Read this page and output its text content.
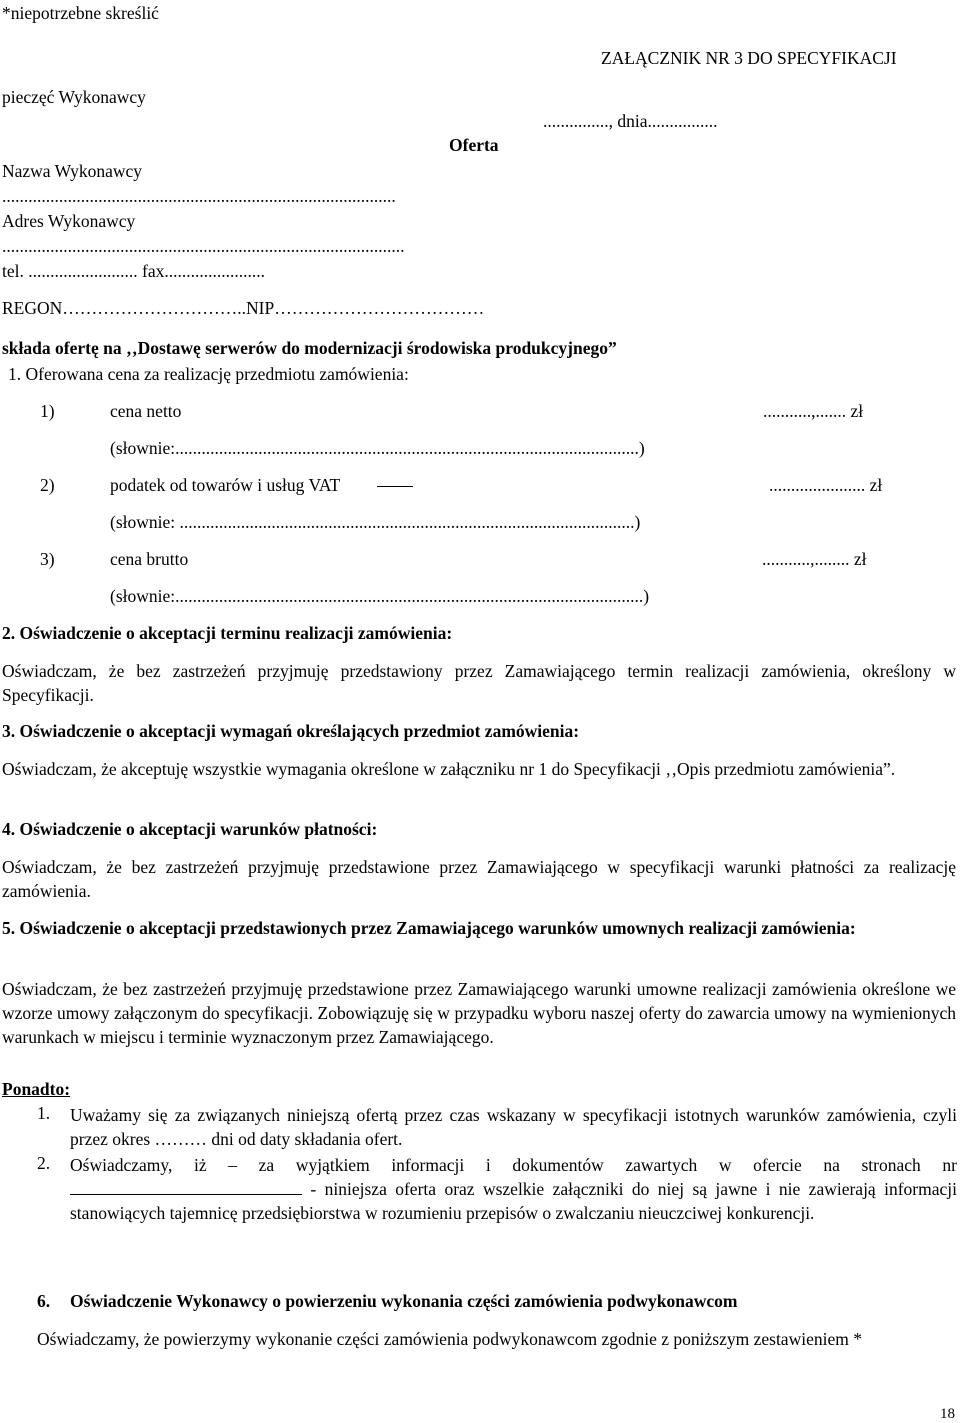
*niepotrzebne skreślić
pieczęć Wykonawcy
ZAŁĄCZNIK NR 3 DO SPECYFIKACJI
..............., dnia................
Oferta
Nazwa Wykonawcy
..........................................................................................
Adres Wykonawcy
............................................................................................
tel. ......................... fax.......................
REGON…………………………..NIP………………………………
składa ofertę na ‚‚Dostawę serwerów do modernizacji środowiska produkcyjnego”
1. Oferowana cena za realizację przedmiotu zamówienia:
1)	cena netto	...........,....... zł
(słownie:..........................................................................................................)
2)	podatek od towarów i usług VAT	...................... zł
(słownie: ........................................................................................................)
3)	cena brutto	...........,........ zł
(słownie:...........................................................................................................)
2. Oświadczenie o akceptacji terminu realizacji zamówienia:
Oświadczam, że bez zastrzeżeń przyjmuję przedstawiony przez Zamawiającego termin realizacji zamówienia, określony w Specyfikacji.
3. Oświadczenie o akceptacji wymagań określających przedmiot zamówienia:
Oświadczam, że akceptuję wszystkie wymagania określone w załączniku nr 1 do Specyfikacji ‚‚Opis przedmiotu zamówienia”.
4. Oświadczenie o akceptacji warunków płatności:
Oświadczam, że bez zastrzeżeń przyjmuję przedstawione przez Zamawiającego w specyfikacji warunki płatności za realizację zamówienia.
5. Oświadczenie o akceptacji przedstawionych przez Zamawiającego warunków umownych realizacji zamówienia:
Oświadczam, że bez zastrzeżeń przyjmuję przedstawione przez Zamawiającego warunki umowne realizacji zamówienia określone we wzorze umowy załączonym do specyfikacji. Zobowiązuję się w przypadku wyboru naszej oferty do zawarcia umowy na wymienionych warunkach w miejscu i terminie wyznaczonym przez Zamawiającego.
Ponadto:
1. Uważamy się za związanych niniejszą ofertą przez czas wskazany w specyfikacji istotnych warunków zamówienia, czyli przez okres ……… dni od daty składania ofert.
2. Oświadczamy, iż – za wyjątkiem informacji i dokumentów zawartych w ofercie na stronach nr  - niniejsza oferta oraz wszelkie załączniki do niej są jawne i nie zawierają informacji stanowiących tajemnicę przedsiębiorstwa w rozumieniu przepisów o zwalczaniu nieuczciwej konkurencji.
6. Oświadczenie Wykonawcy o powierzeniu wykonania części zamówienia podwykonawcom
Oświadczamy, że powierzymy wykonanie części zamówienia podwykonawcom zgodnie z poniższym zestawieniem *
18
